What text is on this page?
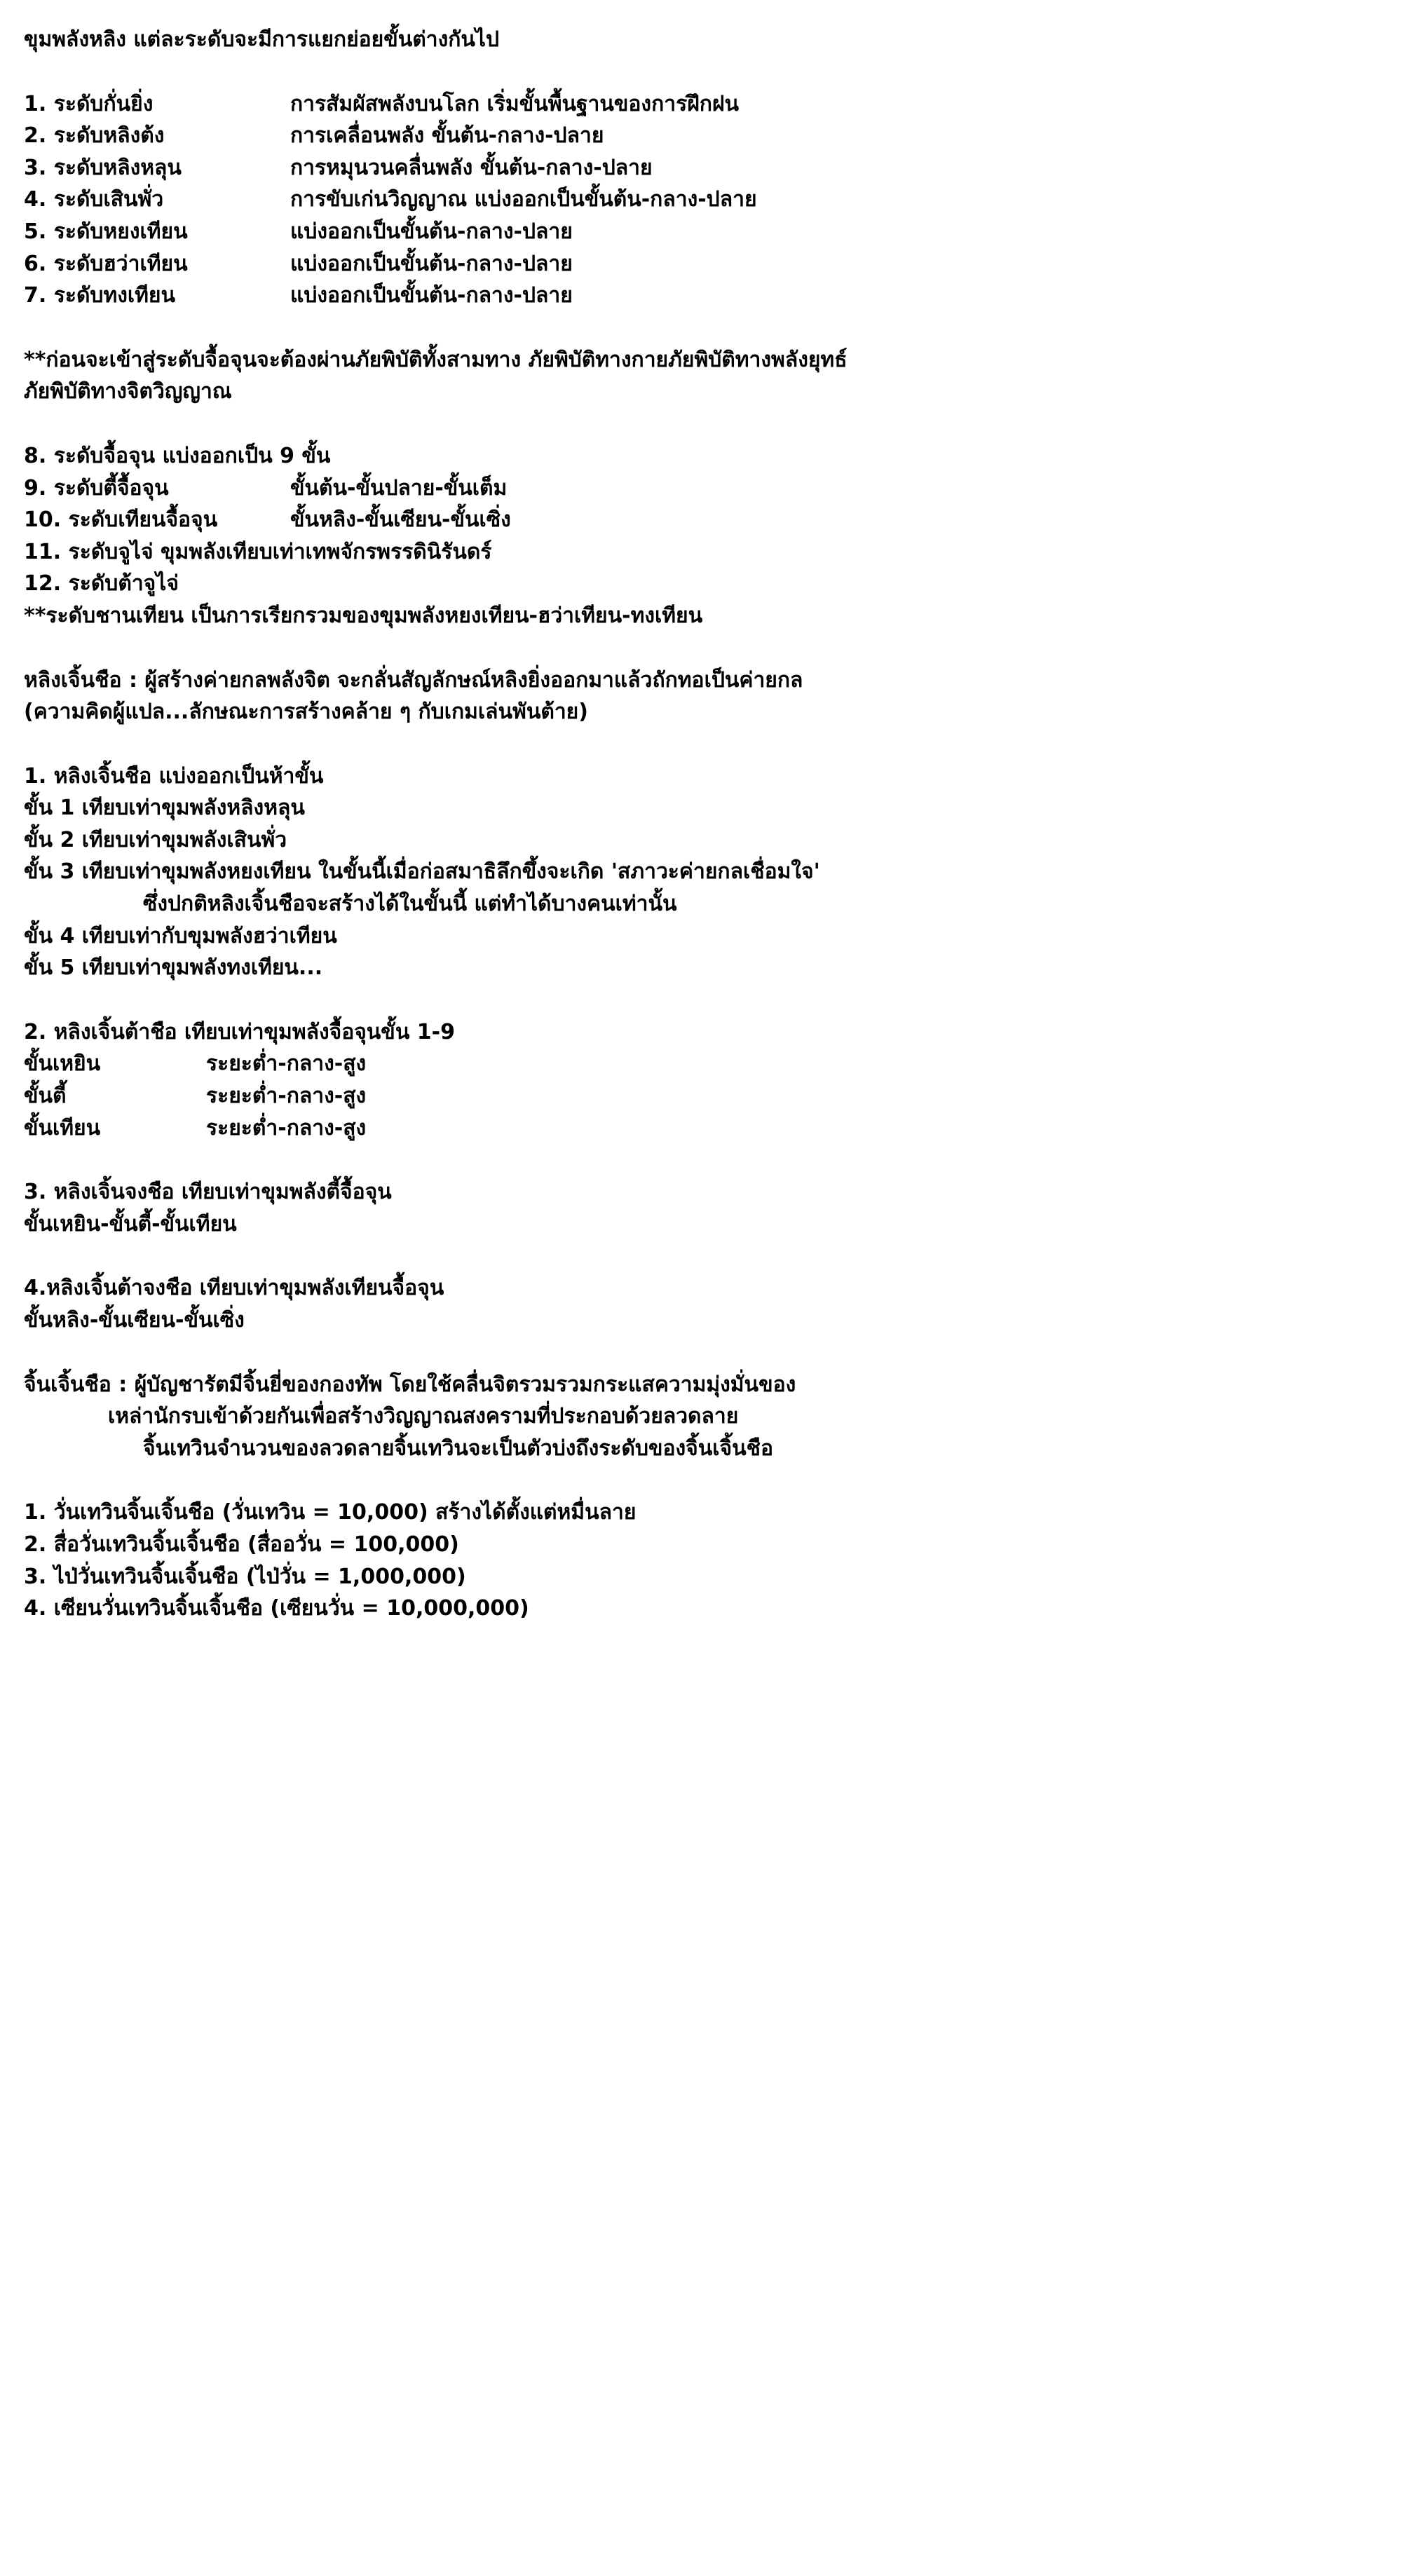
ขุมพลังหลิง แต่ละระดับจะมีการแยกย่อยขั้นต่างกันไป
1. ระดับกั่นยิ่ง	การสัมผัสพลังบนโลก เริ่มขั้นพื้นฐานของการฝึกฝน
2. ระดับหลิงต้ง	การเคลื่อนพลัง ขั้นต้น-กลาง-ปลาย
3. ระดับหลิงหลุน	การหมุนวนคลื่นพลัง ขั้นต้น-กลาง-ปลาย
4. ระดับเสินพั่ว	การขับเก่นวิญญาณ แบ่งออกเป็นขั้นต้น-กลาง-ปลาย
5. ระดับหยงเทียน	แบ่งออกเป็นขั้นต้น-กลาง-ปลาย
6. ระดับฮว่าเทียน	แบ่งออกเป็นขั้นต้น-กลาง-ปลาย
7. ระดับทงเทียน	แบ่งออกเป็นขั้นต้น-กลาง-ปลาย
**ก่อนจะเข้าสู่ระดับจื้อจุนจะต้องผ่านภัยพิบัติทั้งสามทาง ภัยพิบัติทางกายภัยพิบัติทางพลังยุทธ์
ภัยพิบัติทางจิตวิญญาณ
8. ระดับจื้อจุน แบ่งออกเป็น 9 ขั้น
9. ระดับตี้จื้อจุน	ขั้นต้น-ขั้นปลาย-ขั้นเต็ม
10. ระดับเทียนจื้อจุน	ขั้นหลิง-ขั้นเซียน-ขั้นเซิ่ง
11. ระดับจูไจ่ ขุมพลังเทียบเท่าเทพจักรพรรดินิรันดร์
12. ระดับต้าจูไจ่
**ระดับชานเทียน เป็นการเรียกรวมของขุมพลังหยงเทียน-ฮว่าเทียน-ทงเทียน
หลิงเจิ้นชือ : ผู้สร้างค่ายกลพลังจิต จะกลั่นสัญลักษณ์หลิงยิ่งออกมาแล้วถักทอเป็นค่ายกล
(ความคิดผู้แปล...ลักษณะการสร้างคล้าย ๆ กับเกมเล่นพันต้าย)
1. หลิงเจิ้นชือ แบ่งออกเป็นห้าขั้น
ขั้น 1 เทียบเท่าขุมพลังหลิงหลุน
ขั้น 2 เทียบเท่าขุมพลังเสินพั่ว
ขั้น 3 เทียบเท่าขุมพลังหยงเทียน ในขั้นนี้เมื่อก่อสมาธิลึกขึ้งจะเกิด 'สภาวะค่ายกลเชื่อมใจ'
ซึ่งปกติหลิงเจิ้นชือจะสร้างได้ในขั้นนี้ แต่ทำได้บางคนเท่านั้น
ขั้น 4 เทียบเท่ากับขุมพลังฮว่าเทียน
ขั้น 5 เทียบเท่าขุมพลังทงเทียน...
2. หลิงเจิ้นต้าชือ เทียบเท่าขุมพลังจื้อจุนขั้น 1-9
ขั้นเหยิน	ระยะต่ำ-กลาง-สูง
ขั้นตี้	ระยะต่ำ-กลาง-สูง
ขั้นเทียน	ระยะต่ำ-กลาง-สูง
3. หลิงเจิ้นจงชือ เทียบเท่าขุมพลังตี้จื้อจุน
ขั้นเหยิน-ขั้นตี้-ขั้นเทียน
4.หลิงเจิ้นต้าจงชือ เทียบเท่าขุมพลังเทียนจื้อจุน
ขั้นหลิง-ขั้นเซียน-ขั้นเซิ่ง
จิ้นเจิ้นชือ : ผู้บัญชารัตมีจิ้นยี่ของกองทัพ โดยใช้คลื่นจิตรวมรวมกระแสความมุ่งมั่นของ
เหล่านักรบเข้าด้วยกันเพื่อสร้างวิญญาณสงครามที่ประกอบด้วยลวดลาย
จิ้นเทวินจำนวนของลวดลายจิ้นเทวินจะเป็นตัวบ่งถึงระดับของจิ้นเจิ้นชือ
1. วั่นเทวินจิ้นเจิ้นชือ (วั่นเทวิน = 10,000) สร้างได้ตั้งแต่หมื่นลาย
2. สื่อวั่นเทวินจิ้นเจิ้นชือ (สื่ออวั่น = 100,000)
3. ไป่วั่นเทวินจิ้นเจิ้นชือ (ไป่วั่น = 1,000,000)
4. เซียนวั่นเทวินจิ้นเจิ้นชือ (เซียนวั่น = 10,000,000)
